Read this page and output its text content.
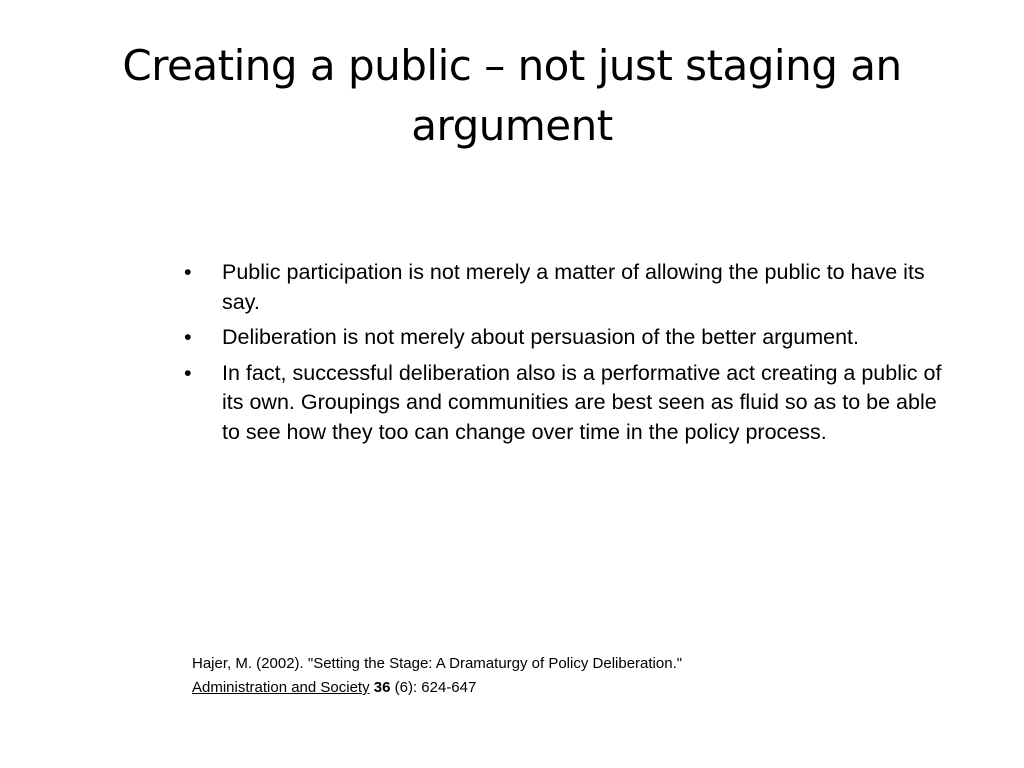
Creating a public – not just staging an argument
• Public participation is not merely a matter of allowing the public to have its say.
• Deliberation is not merely about persuasion of the better argument.
• In fact, successful deliberation also is a performative act creating a public of its own. Groupings and communities are best seen as fluid so as to be able to see how they too can change over time in the policy process.
Hajer, M. (2002). "Setting the Stage: A Dramaturgy of Policy Deliberation."
Administration and Society 36 (6): 624-647
